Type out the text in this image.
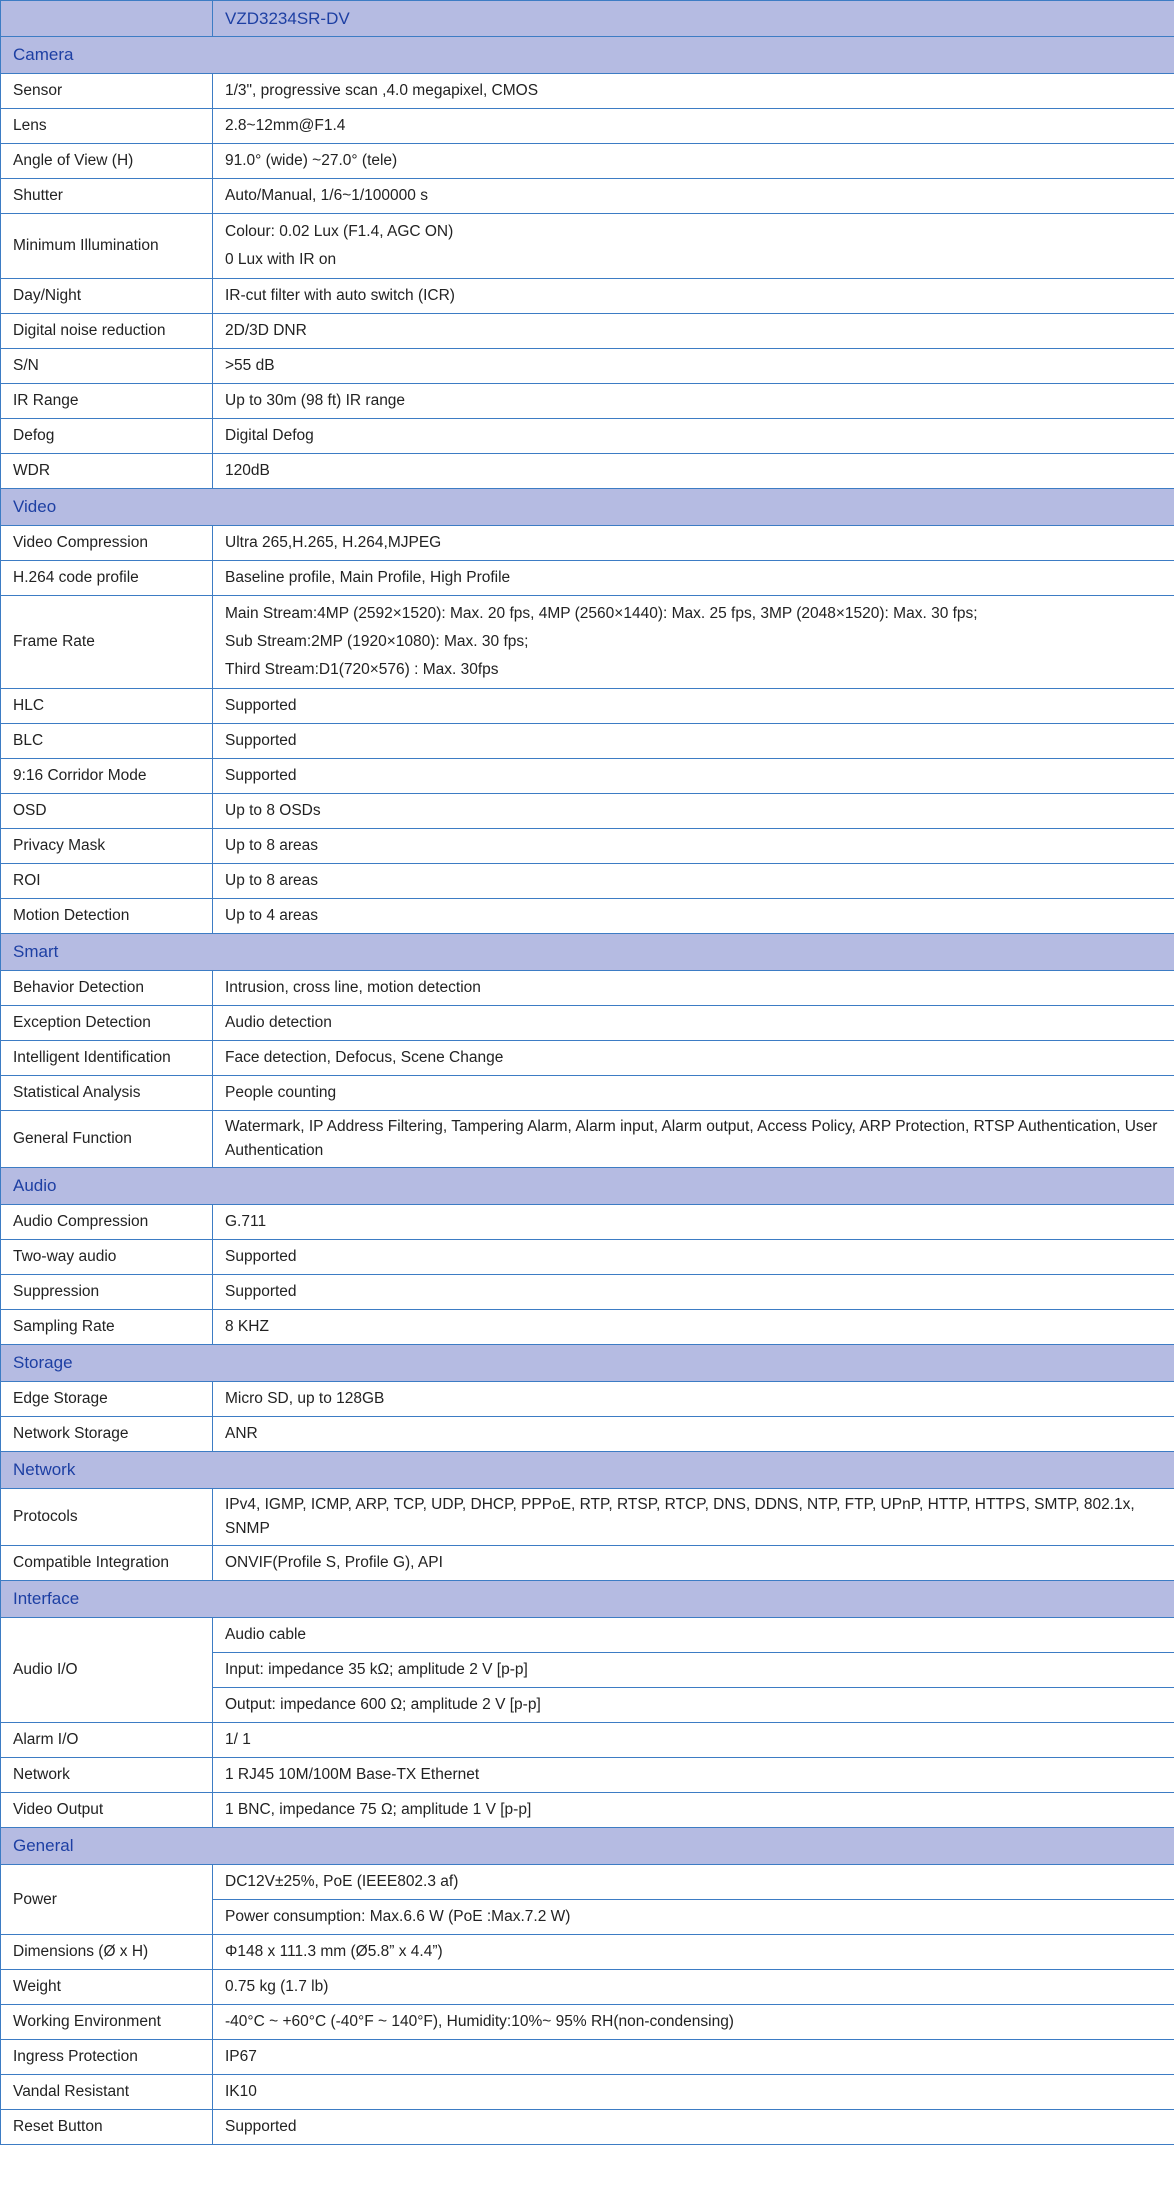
	VZD3234SR-DV
Camera	
Sensor	1/3", progressive scan ,4.0 megapixel, CMOS

Lens	2.8~12mm@F1.4

Angle of View (H)	91.0° (wide) ~27.0° (tele)

Shutter	Auto/Manual, 1/6~1/100000 s

Minimum Illumination	Colour: 0.02 Lux (F1.4, AGC ON)
0 Lux with IR on

Day/Night	IR-cut filter with auto switch (ICR)

Digital noise reduction	2D/3D DNR

S/N	>55 dB

IR Range	Up to 30m (98 ft) IR range

Defog	Digital Defog

WDR	120dB

Video	
Video Compression	Ultra 265,H.265, H.264,MJPEG

H.264 code profile	Baseline profile, Main Profile, High Profile

Frame Rate	Main Stream:4MP (2592×1520): Max. 20 fps, 4MP (2560×1440): Max. 25 fps, 3MP (2048×1520): Max. 30 fps;
Sub Stream:2MP (1920×1080): Max. 30 fps;
Third Stream:D1(720×576) : Max. 30fps

HLC	Supported

BLC	Supported

9:16 Corridor Mode	Supported

OSD	Up to 8 OSDs

Privacy Mask	Up to 8 areas

ROI	Up to 8 areas

Motion Detection	Up to 4 areas

Smart	
Behavior Detection	Intrusion, cross line, motion detection

Exception Detection	Audio detection

Intelligent Identification	Face detection, Defocus, Scene Change

Statistical Analysis	People counting

General Function	Watermark, IP Address Filtering, Tampering Alarm, Alarm input, Alarm output, Access Policy, ARP Protection, RTSP Authentication, User Authentication

Audio	
Audio Compression	G.711

Two-way audio	Supported

Suppression	Supported

Sampling Rate	8 KHZ

Storage	
Edge Storage	Micro SD, up to 128GB

Network Storage	ANR

Network	
Protocols	IPv4, IGMP, ICMP, ARP, TCP, UDP, DHCP, PPPoE, RTP, RTSP, RTCP, DNS, DDNS, NTP, FTP, UPnP, HTTP, HTTPS, SMTP, 802.1x, SNMP

Compatible Integration	ONVIF(Profile S, Profile G), API

Interface	
Audio I/O	Audio cable
Input: impedance 35 kΩ; amplitude 2 V [p-p]
Output: impedance 600 Ω; amplitude 2 V [p-p]

Alarm I/O	1/ 1

Network	1 RJ45 10M/100M Base-TX Ethernet

Video Output	1 BNC, impedance 75 Ω; amplitude 1 V [p-p]

General	
Power	DC12V±25%, PoE (IEEE802.3 af)
Power consumption: Max.6.6 W (PoE :Max.7.2 W)

Dimensions (Ø x H)	Φ148 x 111.3 mm (Ø5.8” x 4.4”)

Weight	0.75 kg (1.7 lb)

Working Environment	-40°C ~ +60°C (-40°F ~ 140°F), Humidity:10%~ 95% RH(non-condensing)

Ingress Protection	IP67

Vandal Resistant	IK10

Reset Button	Supported
